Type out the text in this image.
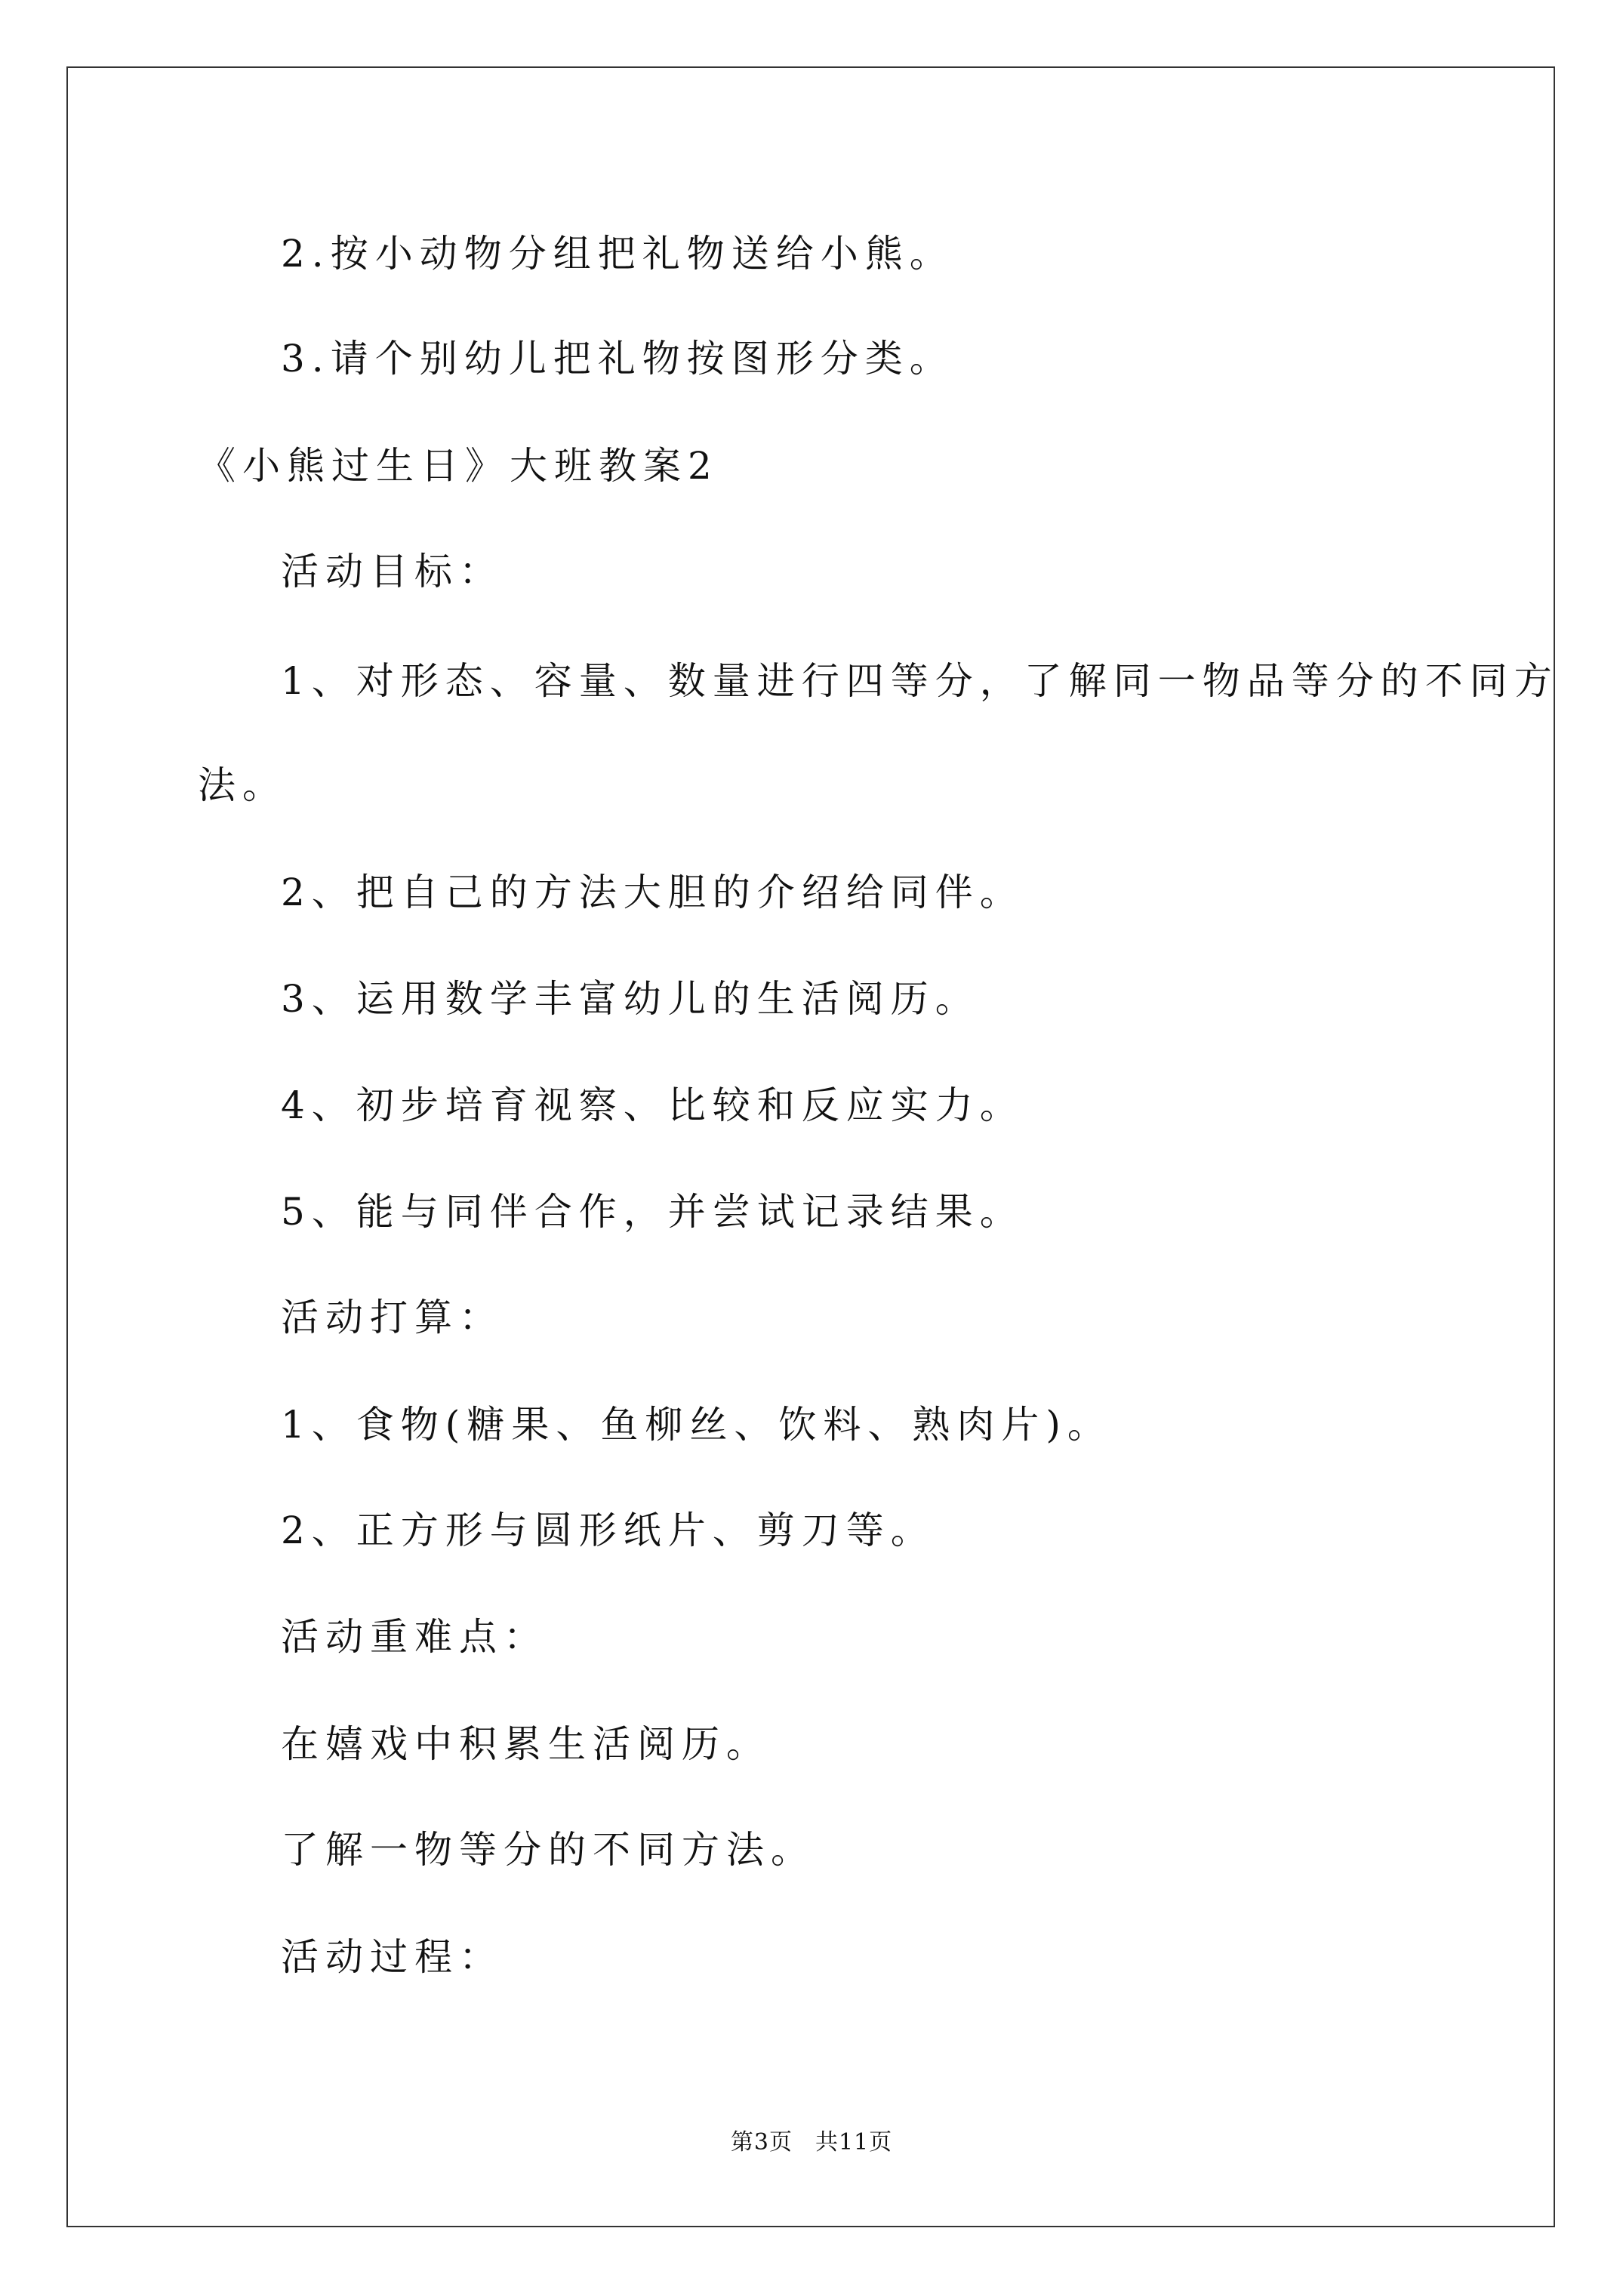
2.按小动物分组把礼物送给小熊。
3.请个别幼儿把礼物按图形分类。
《小熊过生日》大班教案2
活动目标：
1、对形态、容量、数量进行四等分，了解同一物品等分的不同方
法。
2、把自己的方法大胆的介绍给同伴。
3、运用数学丰富幼儿的生活阅历。
4、初步培育视察、比较和反应实力。
5、能与同伴合作，并尝试记录结果。
活动打算：
1、食物(糖果、鱼柳丝、饮料、熟肉片)。
2、正方形与圆形纸片、剪刀等。
活动重难点：
在嬉戏中积累生活阅历。
了解一物等分的不同方法。
活动过程：
第3页 共11页
